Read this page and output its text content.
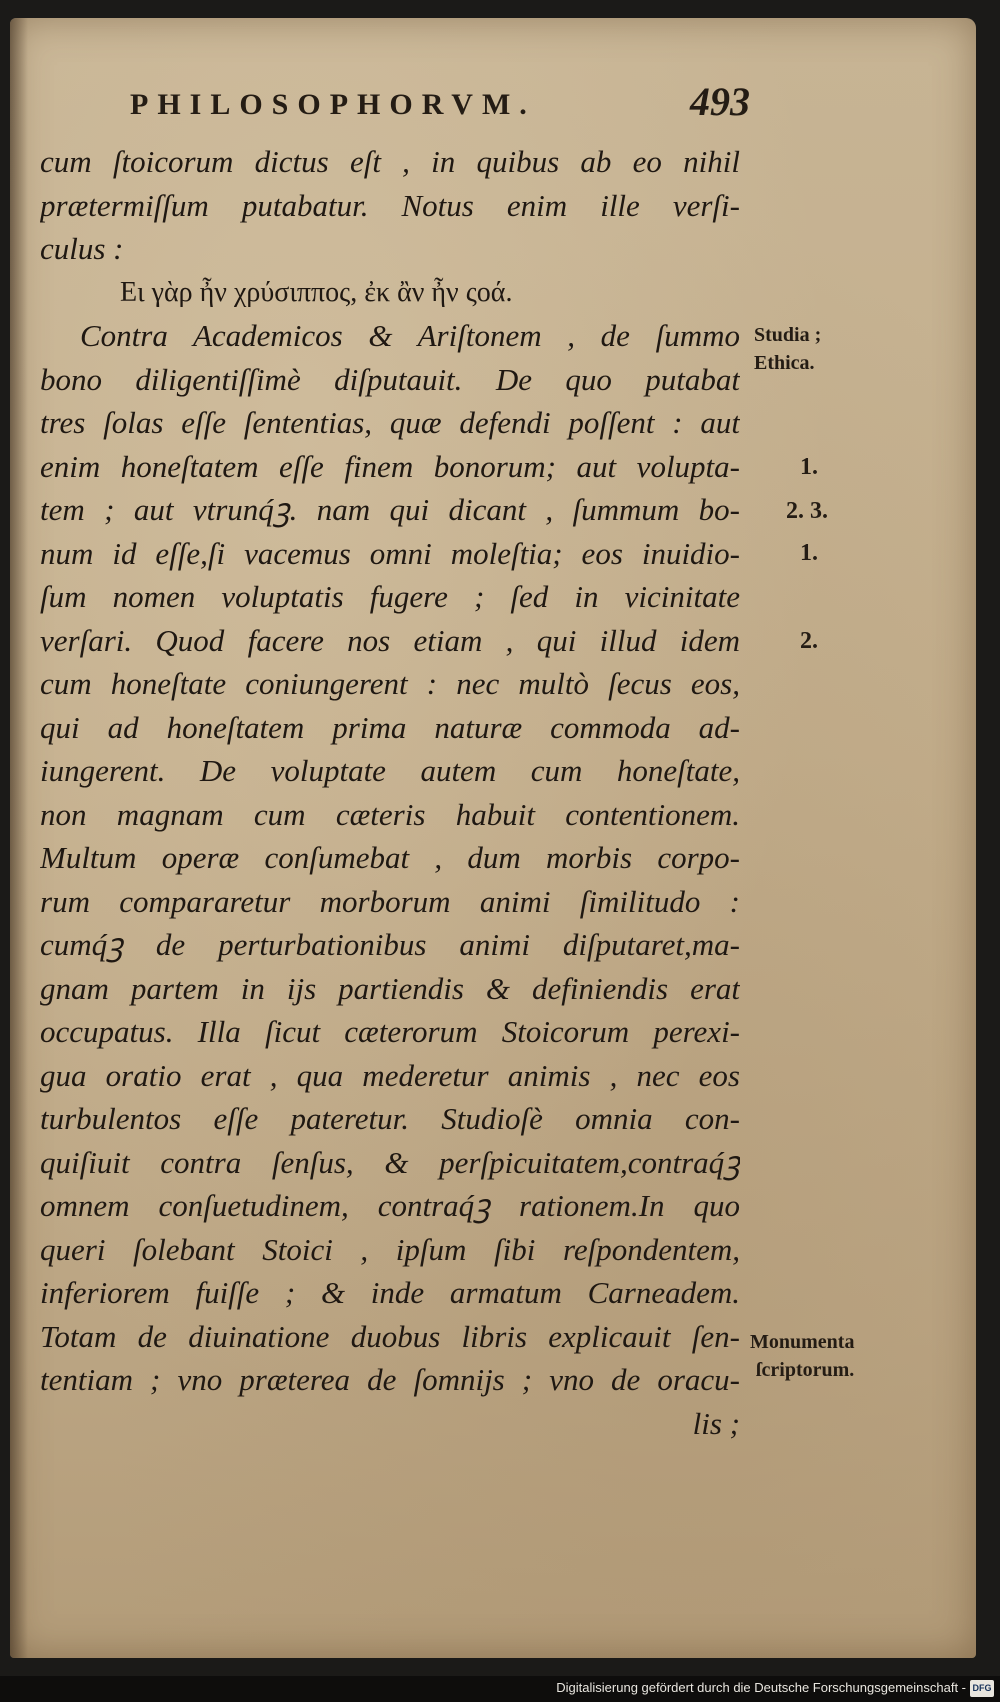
PHILOSOPHORVM.	493
cum ſtoicorum dictus eſt , in quibus ab eo nihil
prætermiſſum putabatur. Notus enim ille verſi-
culus :
Ει γὰρ ἦν χρύσιππος, ἐκ ἂν ἦν ςοά.
Contra Academicos & Ariſtonem , de ſummo
bono diligentiſſimè diſputauit. De quo putabat
tres ſolas eſſe ſententias, quæ defendi poſſent : aut
enim honeſtatem eſſe finem bonorum; aut volupta-
tem ; aut vtrunq́ꝫ. nam qui dicant , ſummum bo-
num id eſſe,ſi vacemus omni moleſtia; eos inuidio-
ſum nomen voluptatis fugere ; ſed in vicinitate
verſari. Quod facere nos etiam , qui illud idem
cum honeſtate coniungerent : nec multò ſecus eos,
qui ad honeſtatem prima naturæ commoda ad-
iungerent. De voluptate autem cum honeſtate,
non magnam cum cæteris habuit contentionem.
Multum operæ conſumebat , dum morbis corpo-
rum compararetur morborum animi ſimilitudo :
cumq́ꝫ de perturbationibus animi diſputaret,ma-
gnam partem in ijs partiendis & definiendis erat
occupatus. Illa ſicut cæterorum Stoicorum perexi-
gua oratio erat , qua mederetur animis , nec eos
turbulentos eſſe pateretur. Studioſè omnia con-
quiſiuit contra ſenſus, & perſpicuitatem,contraq́ꝫ
omnem conſuetudinem, contraq́ꝫ rationem.In quo
queri ſolebant Stoici , ipſum ſibi reſpondentem,
inferiorem fuiſſe ; & inde armatum Carneadem.
Totam de diuinatione duobus libris explicauit ſen-
tentiam ; vno præterea de ſomnijs ; vno de oracu-
lis ;
Studia ;
Ethica.
1.
2. 3.
1.
2.
Monumenta
ſcriptorum.
Digitalisierung gefördert durch die Deutsche Forschungsgemeinschaft - DFG
